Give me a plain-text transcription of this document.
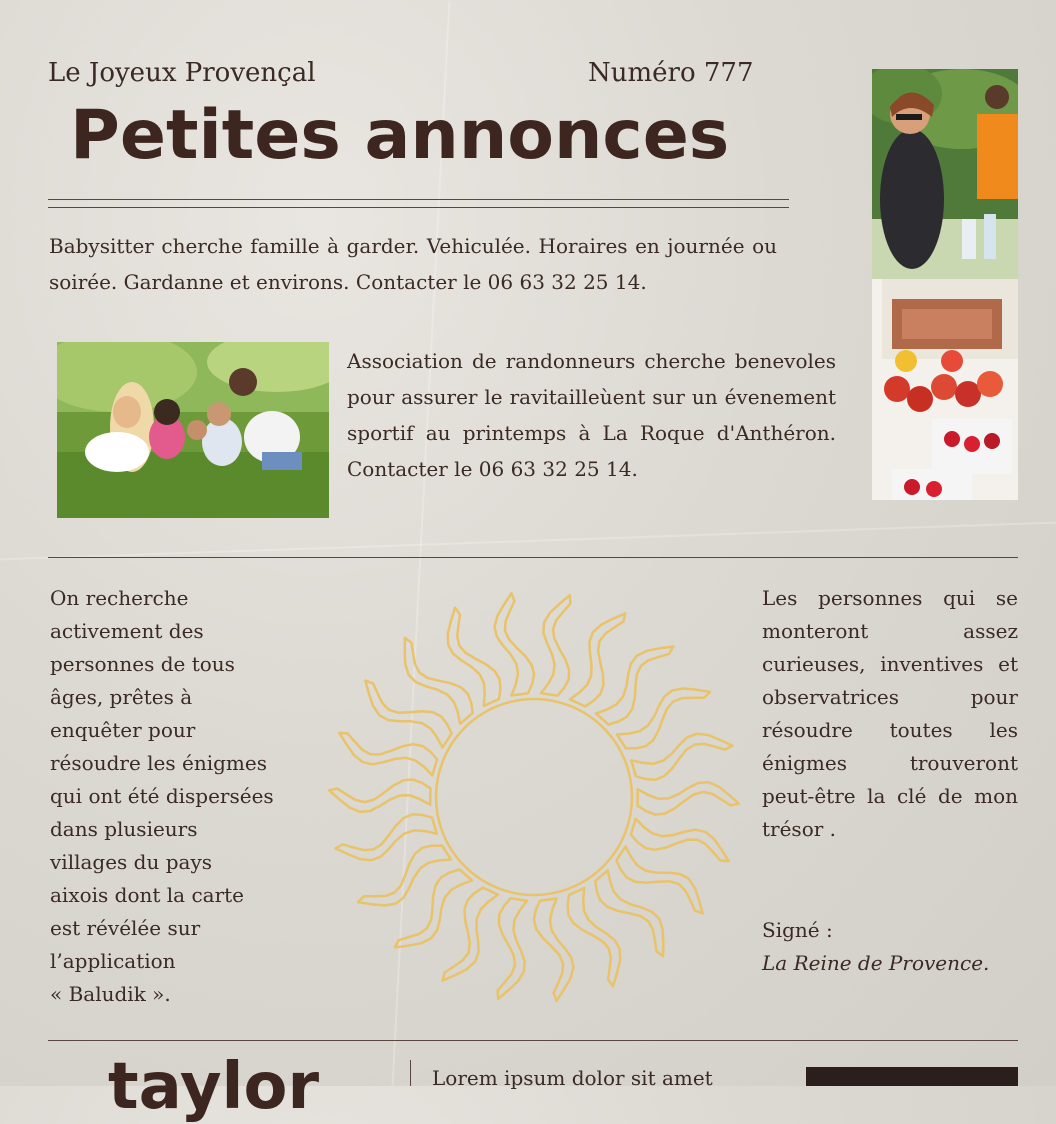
Le Joyeux Provençal	Numéro 777
Petites annonces
Babysitter cherche famille à garder. Vehiculée. Horaires en journée ou soirée. Gardanne et environs. Contacter le 06 63 32 25 14.
Association de randonneurs cherche benevoles pour assurer le ravitailleùent sur un évenement sportif au printemps à La Roque d'Anthéron. Contacter le 06 63 32 25 14.
On recherche
activement des
personnes de tous
âges, prêtes à
enquêter pour
résoudre les énigmes
qui ont été dispersées
dans plusieurs
villages du pays
aixois dont la carte
est révélée sur
l’application
« Baludik ».
Les personnes qui se monteront assez curieuses, inventives et observatrices pour résoudre toutes les énigmes trouveront peut-être la clé de mon trésor .
Signé :
La Reine de Provence.
taylor	Lorem ipsum dolor sit amet
